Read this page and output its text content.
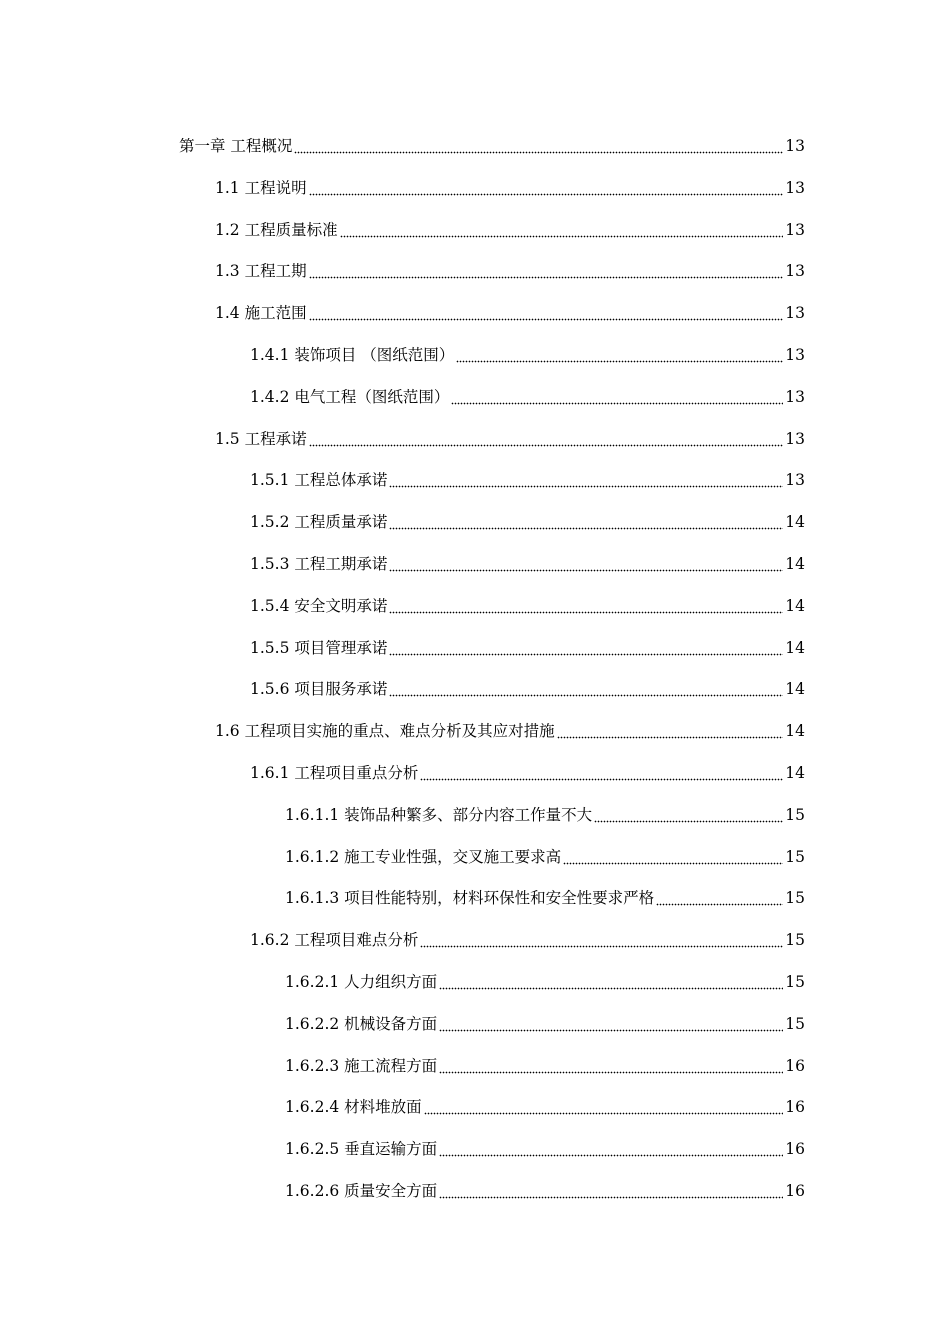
第一章 工程概况	13
1.1 工程说明	13
1.2 工程质量标准	13
1.3 工程工期	13
1.4 施工范围	13
1.4.1 装饰项目 （图纸范围）	13
1.4.2 电气工程（图纸范围）	13
1.5 工程承诺	13
1.5.1 工程总体承诺	13
1.5.2 工程质量承诺	14
1.5.3 工程工期承诺	14
1.5.4 安全文明承诺	14
1.5.5 项目管理承诺	14
1.5.6 项目服务承诺	14
1.6 工程项目实施的重点、难点分析及其应对措施	14
1.6.1 工程项目重点分析	14
1.6.1.1 装饰品种繁多、部分内容工作量不大	15
1.6.1.2 施工专业性强，交叉施工要求高	15
1.6.1.3 项目性能特别，材料环保性和安全性要求严格	15
1.6.2 工程项目难点分析	15
1.6.2.1 人力组织方面	15
1.6.2.2 机械设备方面	15
1.6.2.3 施工流程方面	16
1.6.2.4 材料堆放面	16
1.6.2.5 垂直运输方面	16
1.6.2.6 质量安全方面	16
